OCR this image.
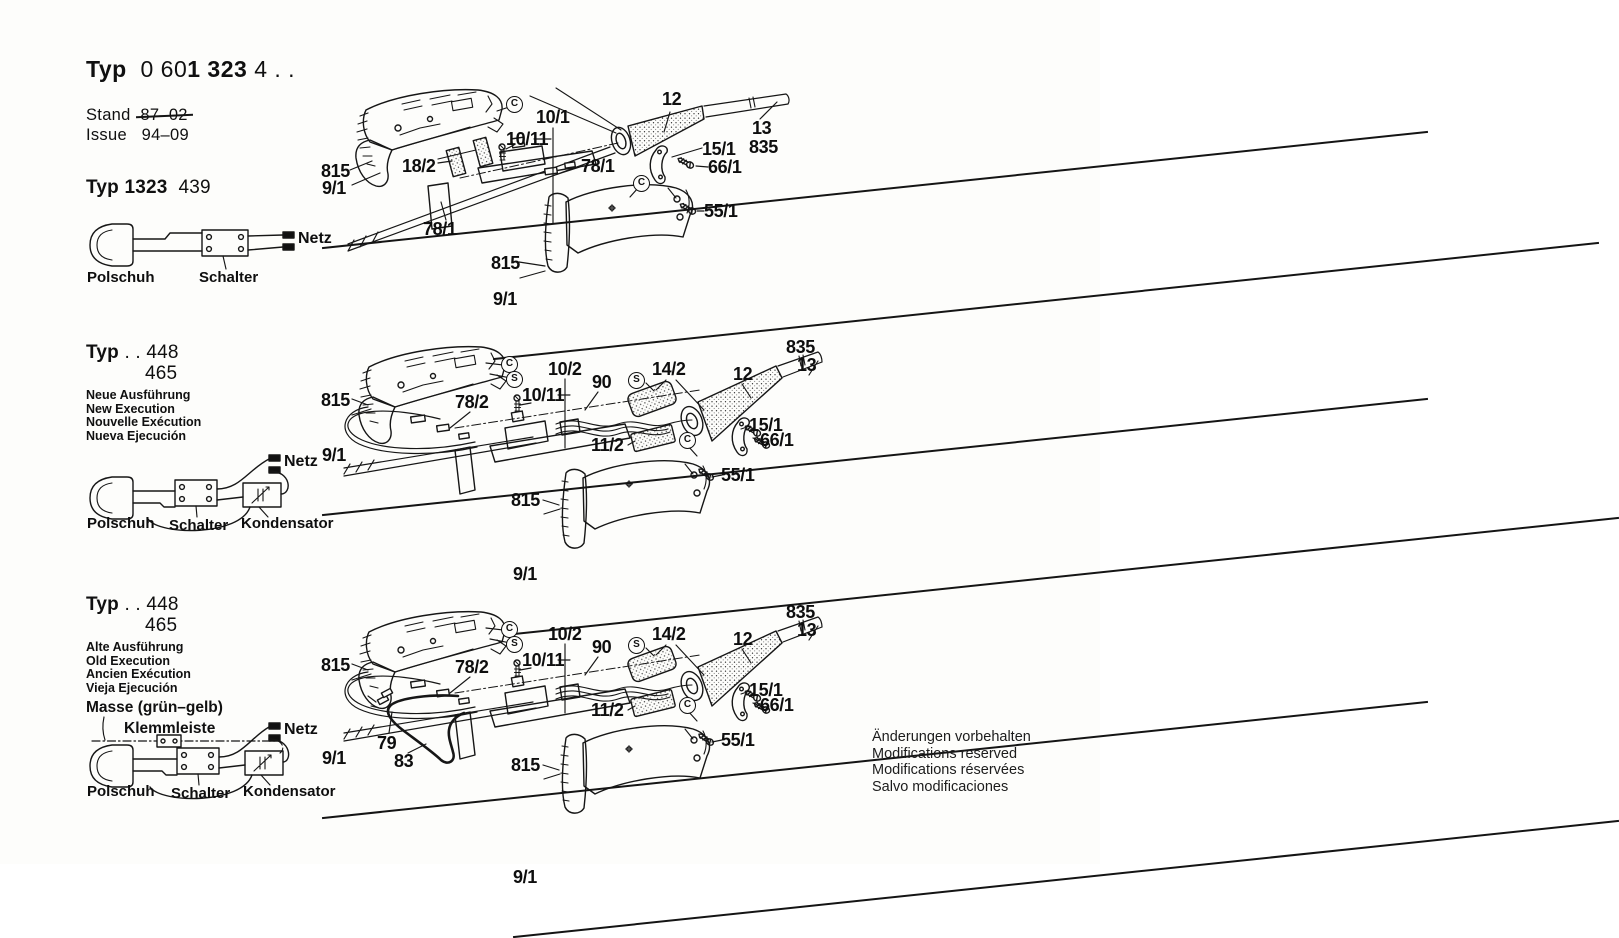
Typ 0 601 323 4 . .
Stand 87–02
Issue 94–09
Typ 1323 439
Typ . . 448
465
Neue Ausführung
New Execution
Nouvelle Exécution
Nueva Ejecución
Typ . . 448
465
Alte Ausführung
Old Execution
Ancien Exécution
Vieja Ejecución
Masse (grün–gelb)
Klemmleiste
Netz
Polschuh	Schalter
Netz
Polschuh Schalter Kondensator
Netz
Polschuh Schalter Kondensator
12
13
835
10/1
10/11
78/1
18/2
815
9/1
78/1
15/1
66/1
55/1
815
9/1
C
C
815
9/1
10/2
90
14/2	12
835
13
10/11
78/2
15/1
66/1
11/2
55/1
815
9/1
C
S	S
C
815
9/1
10/2
90
14/2	12
835
13
10/11
78/2
15/1
66/1
11/2
55/1
79
83	815
9/1
C
S	S
C
Änderungen vorbehalten
Modifications reserved
Modifications réservées
Salvo modificaciones
